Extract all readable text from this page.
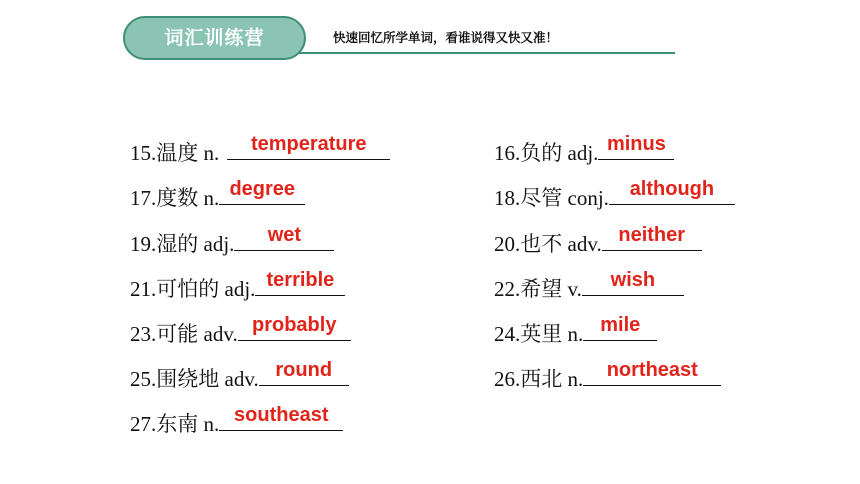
词汇训练营	快速回忆所学单词，看谁说得又快又准！
15.温度 n.	temperature
17.度数 n. degree
19.湿的 adj.	wet
21.可怕的 adj. terrible
23.可能 adv. probably
25.围绕地 adv. round
27.东南 n. southeast
16.负的 adj. minus
18.尽管 conj.	although
20.也不 adv. neither
22.希望 v.	wish
24.英里 n. mile
26.西北 n.	northeast
